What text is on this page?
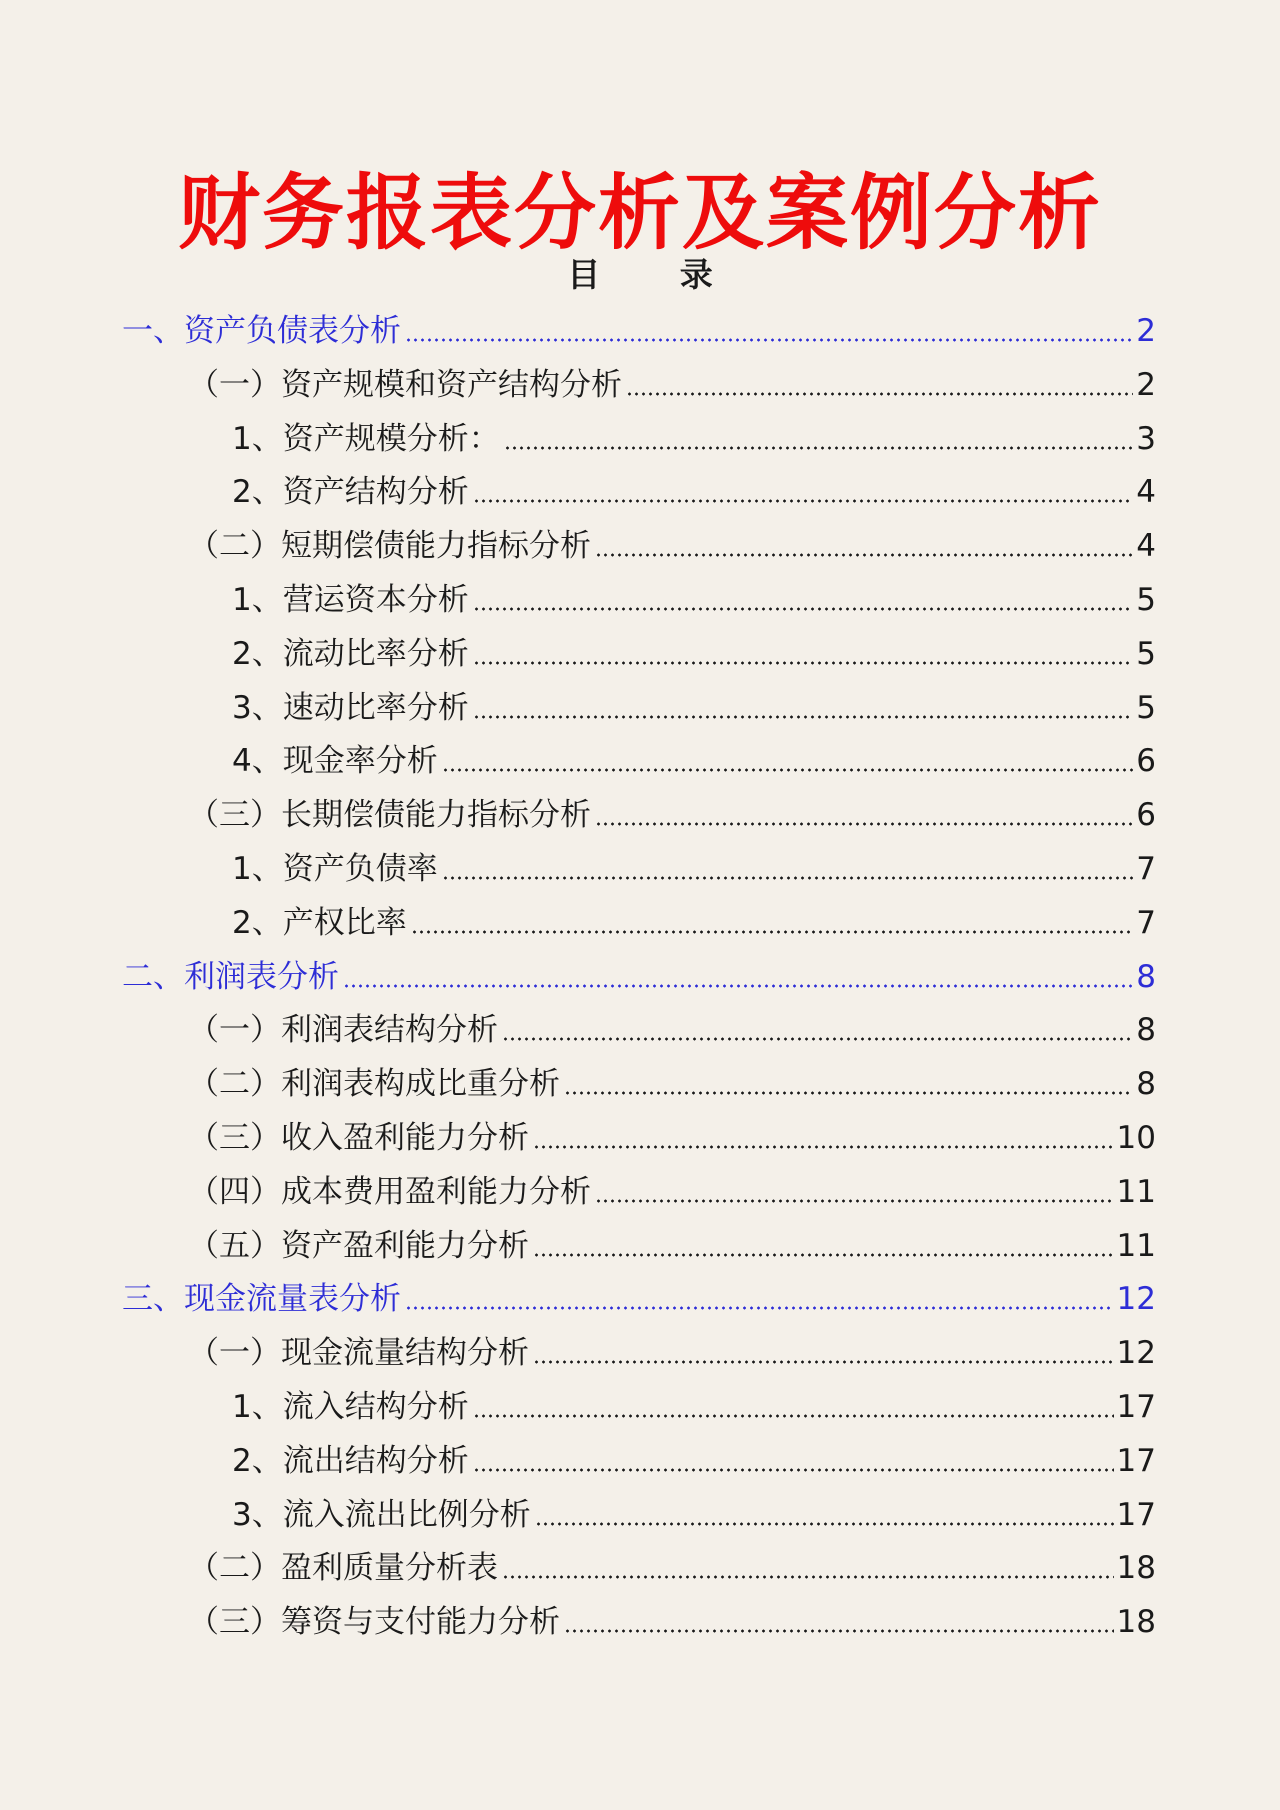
财务报表分析及案例分析
目 录
一、资产负债表分析	2
（一）资产规模和资产结构分析	2
1、资产规模分析：	3
2、资产结构分析	4
（二）短期偿债能力指标分析	4
1、营运资本分析	5
2、流动比率分析	5
3、速动比率分析	5
4、现金率分析	6
（三）长期偿债能力指标分析	6
1、资产负债率	7
2、产权比率	7
二、利润表分析	8
（一）利润表结构分析	8
（二）利润表构成比重分析	8
（三）收入盈利能力分析	10
（四）成本费用盈利能力分析	11
（五）资产盈利能力分析	11
三、现金流量表分析	12
（一）现金流量结构分析	12
1、流入结构分析	17
2、流出结构分析	17
3、流入流出比例分析	17
（二）盈利质量分析表	18
（三）筹资与支付能力分析	18
